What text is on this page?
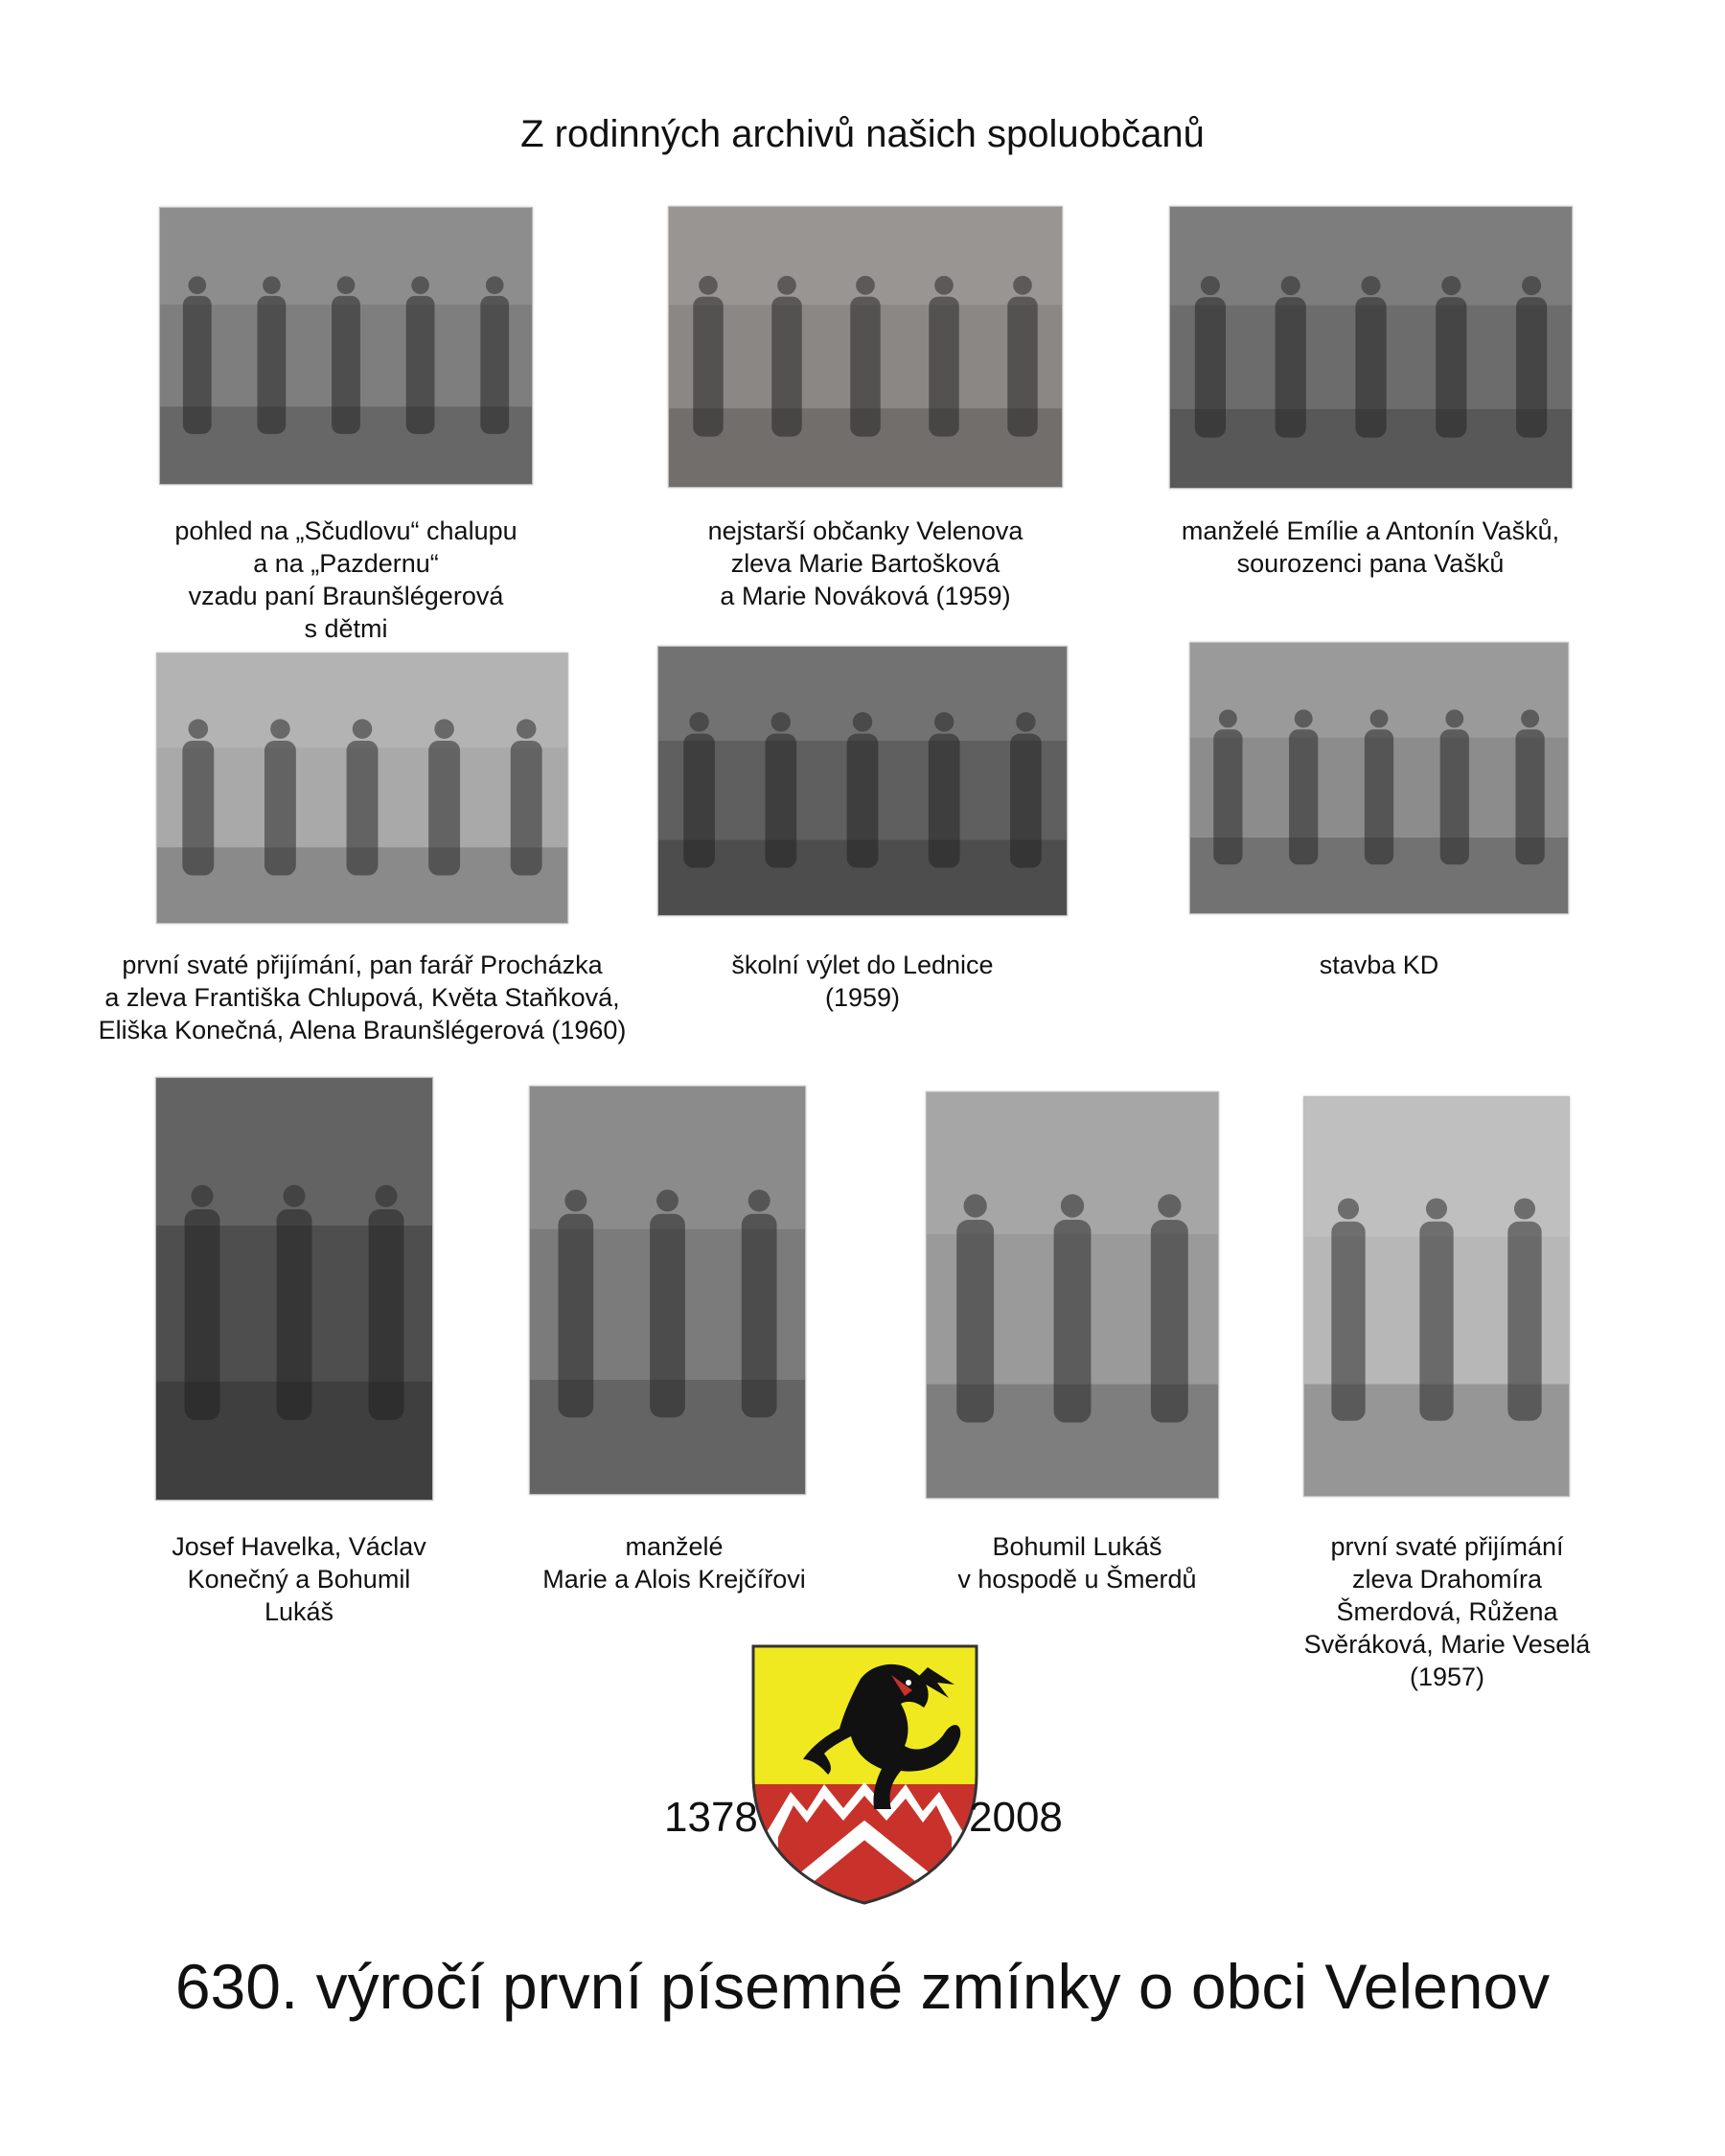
Z rodinných archivů našich spoluobčanů
pohled na „Sčudlovu“ chalupu
a na „Pazdernu“
vzadu paní Braunšlégerová
s dětmi
nejstarší občanky Velenova
zleva Marie Bartošková
a Marie Nováková (1959)
manželé Emílie a Antonín Vašků,
sourozenci pana Vašků
první svaté přijímání, pan farář Procházka
a zleva Františka Chlupová, Květa Staňková,
Eliška Konečná, Alena Braunšlégerová (1960)
školní výlet do Lednice
(1959)
stavba KD
Josef Havelka, Václav
Konečný a Bohumil
Lukáš
manželé
Marie a Alois Krejčířovi
Bohumil Lukáš
v hospodě u Šmerdů
první svaté přijímání
zleva Drahomíra
Šmerdová, Růžena
Svěráková, Marie Veselá
(1957)
1378	2008
630. výročí první písemné zmínky o obci Velenov
